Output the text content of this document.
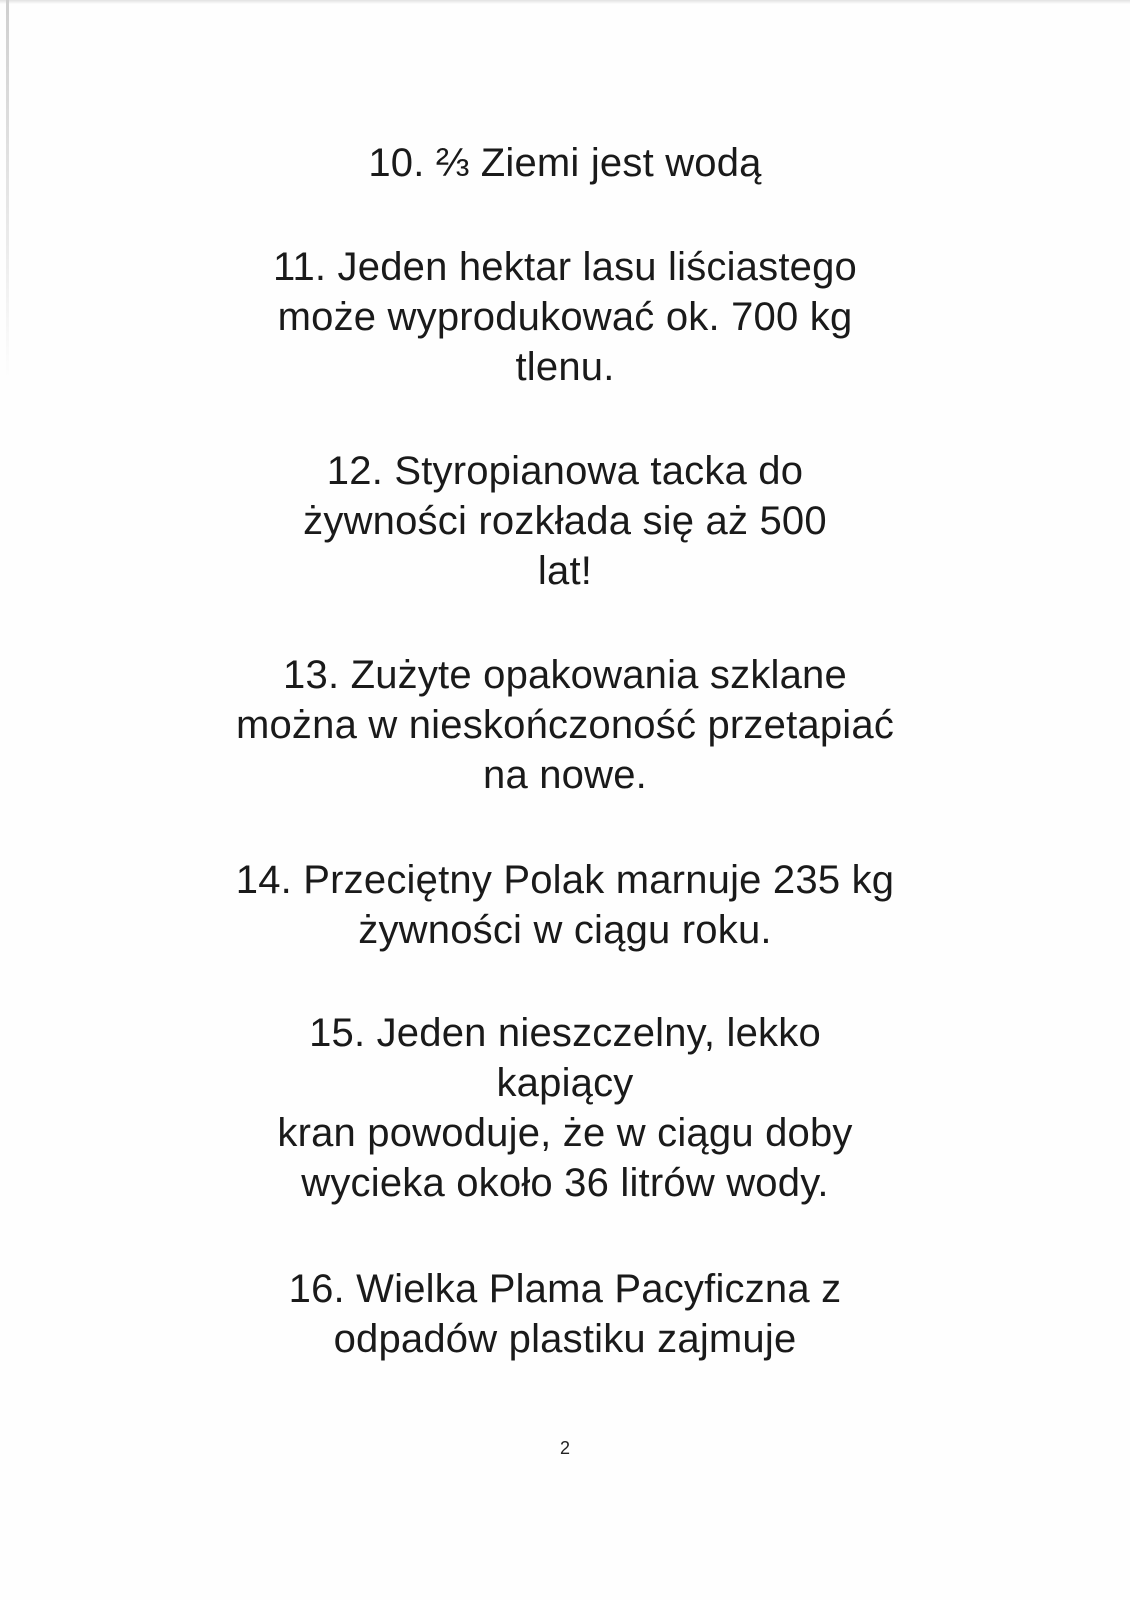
10. ⅔ Ziemi jest wodą
11. Jeden hektar lasu liściastego
może wyprodukować ok. 700 kg
tlenu.
12. Styropianowa tacka do
żywności rozkłada się aż 500
lat!
13. Zużyte opakowania szklane
można w nieskończoność przetapiać
na nowe.
14. Przeciętny Polak marnuje 235 kg
żywności w ciągu roku.
15. Jeden nieszczelny, lekko
kapiący
kran powoduje, że w ciągu doby
wycieka około 36 litrów wody.
16. Wielka Plama Pacyficzna z
odpadów plastiku zajmuje
2
